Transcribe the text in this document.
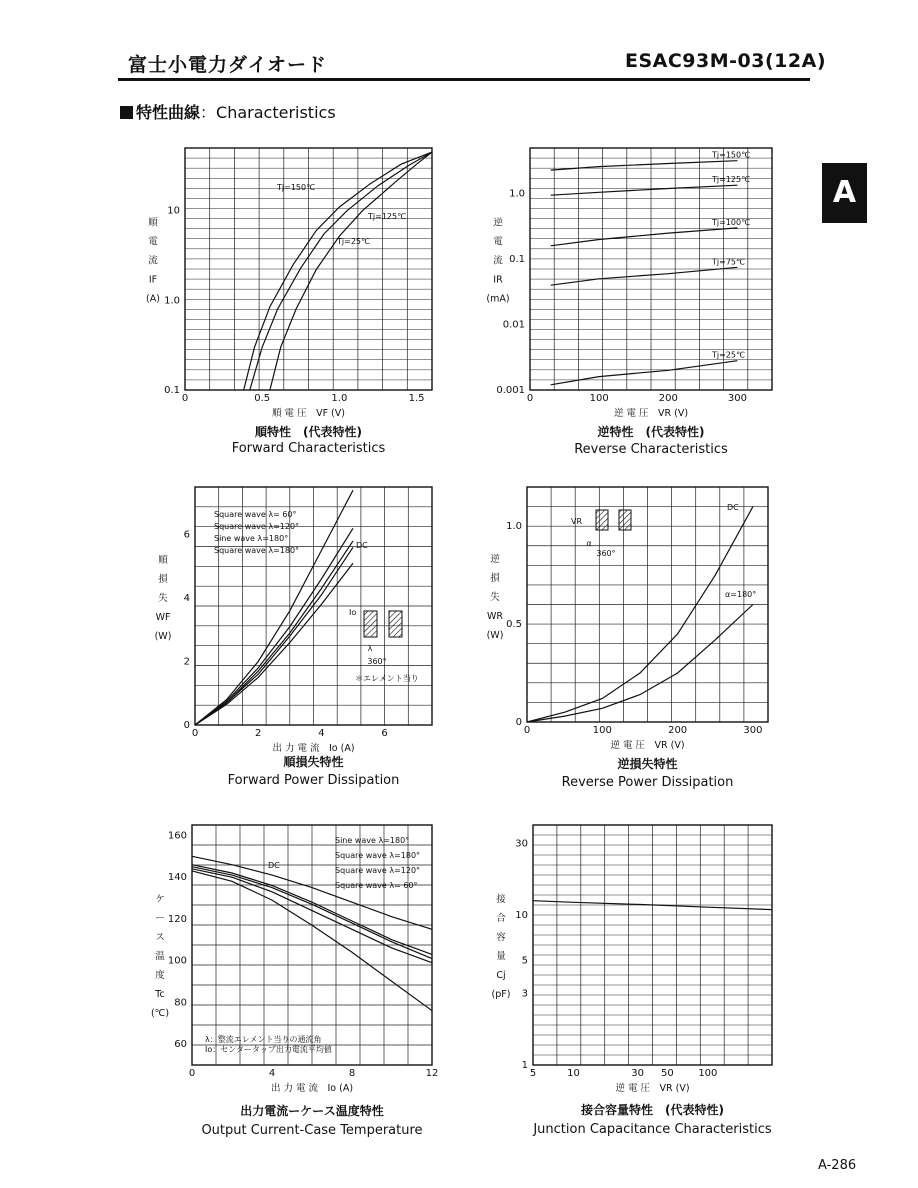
富士小電力ダイオード	ESAC93M-03(12A)
特性曲線：Characteristics
A
A-286
0	0.5	1.0	1.5
0.1
1.0
10
順 電 圧　VF (V)
順
電
流
IF
(A)
順特性　(代表特性)
Forward Characteristics
Tj=150℃
Tj=125℃
Tj=25℃
0	100	200	300
0.001
0.01
0.1
1.0
逆 電 圧　VR (V)
逆
電
流
IR
(mA)
逆特性　(代表特性)
Reverse Characteristics
Tj=150℃
Tj=125℃
Tj=100℃
Tj=75℃
Tj=25℃
0	2	4	6
0
2
4
6
出 力 電 流　Io (A)
順
損
失
WF
(W)
順損失特性
Forward Power Dissipation
Square wave λ= 60°
Square wave λ=120°
Sine wave λ=180°
Square wave λ=180°
DC
Io
λ
360°
＊エレメント当り
0	100	200	300
0
0.5
1.0
逆 電 圧　VR (V)
逆
損
失
WR
(W)
逆損失特性
Reverse Power Dissipation
VR
α
360°
DC
α=180°
0	4	8	12
60
80
100
120
140
160
出 力 電 流　Io (A)
ケ
ー
ス
温
度
Tc
(℃)
出力電流ーケース温度特性
Output Current-Case Temperature
Sine wave λ=180°
Square wave λ=180°
Square wave λ=120°
Square wave λ= 60°
DC
λ：整流エレメント当りの通流角
Io：センタータップ出力電流平均値
5	10	30 50 100
1
3
5
10
30
逆 電 圧　VR (V)
接
合
容
量
Cj
(pF)
接合容量特性　(代表特性)
Junction Capacitance Characteristics
